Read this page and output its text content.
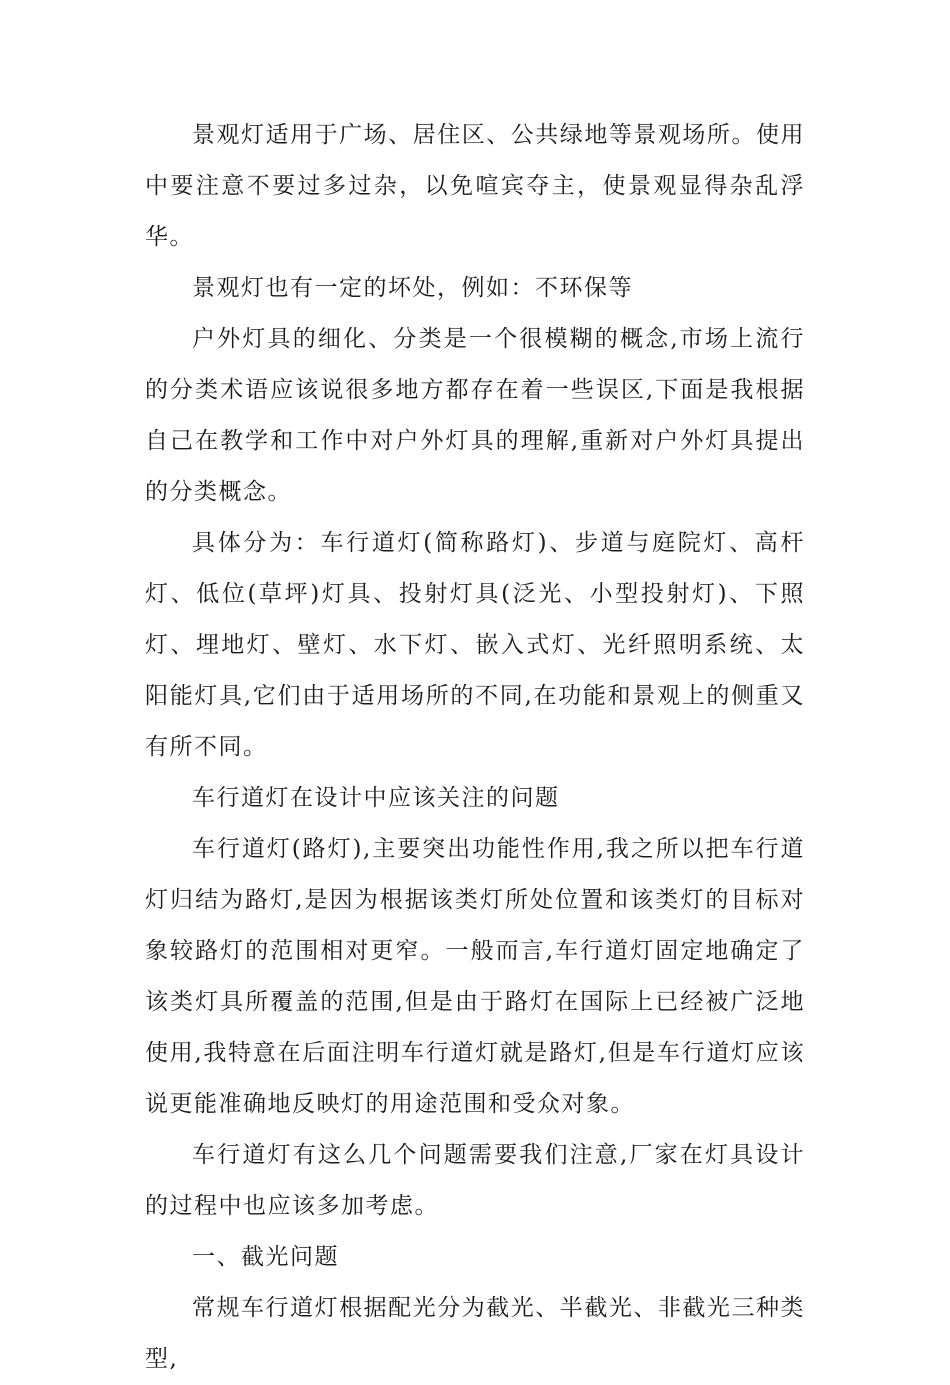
景观灯适用于广场、居住区、公共绿地等景观场所。使用中要注意不要过多过杂，以免喧宾夺主，使景观显得杂乱浮华。

景观灯也有一定的坏处，例如：不环保等

户外灯具的细化、分类是一个很模糊的概念,市场上流行的分类术语应该说很多地方都存在着一些误区,下面是我根据自己在教学和工作中对户外灯具的理解,重新对户外灯具提出的分类概念。

具体分为：车行道灯(简称路灯)、步道与庭院灯、高杆灯、低位(草坪)灯具、投射灯具(泛光、小型投射灯)、下照灯、埋地灯、壁灯、水下灯、嵌入式灯、光纤照明系统、太阳能灯具,它们由于适用场所的不同,在功能和景观上的侧重又有所不同。

车行道灯在设计中应该关注的问题

车行道灯(路灯),主要突出功能性作用,我之所以把车行道灯归结为路灯,是因为根据该类灯所处位置和该类灯的目标对象较路灯的范围相对更窄。一般而言,车行道灯固定地确定了该类灯具所覆盖的范围,但是由于路灯在国际上已经被广泛地使用,我特意在后面注明车行道灯就是路灯,但是车行道灯应该说更能准确地反映灯的用途范围和受众对象。

车行道灯有这么几个问题需要我们注意,厂家在灯具设计的过程中也应该多加考虑。

一、截光问题

常规车行道灯根据配光分为截光、半截光、非截光三种类型,
